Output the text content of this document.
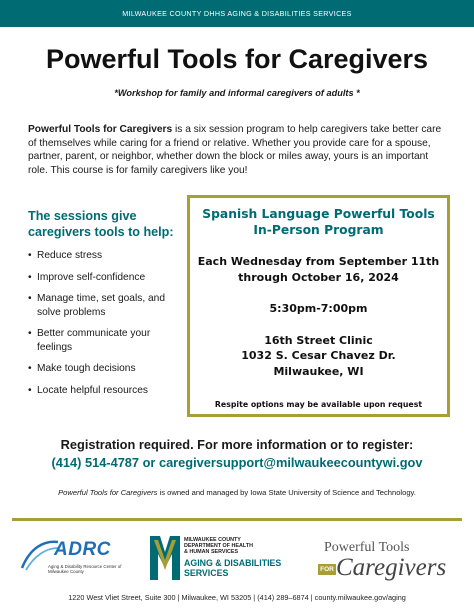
MILWAUKEE COUNTY DHHS AGING & DISABILITIES SERVICES
Powerful Tools for Caregivers
*Workshop for family and informal caregivers of adults *

Powerful Tools for Caregivers is a six session program to help caregivers take better care of themselves while caring for a friend or relative. Whether you provide care for a spouse, partner, parent, or neighbor, whether down the block or miles away, yours is an important role. This course is for family caregivers like you!

The sessions give caregivers tools to help:
• Reduce stress
• Improve self-confidence
• Manage time, set goals, and solve problems
• Better communicate your feelings
• Make tough decisions
• Locate helpful resources
Spanish Language Powerful Tools
In-Person Program
Each Wednesday from September 11th
through October 16, 2024
5:30pm-7:00pm
16th Street Clinic
1032 S. Cesar Chavez Dr.
Milwaukee, WI
Respite options may be available upon request
Registration required. For more information or to register:
(414) 514-4787 or caregiversupport@milwaukeecountywi.gov

Powerful Tools for Caregivers is owned and managed by Iowa State University of Science and Technology.

ADRC
Aging & Disability Resource Center of Milwaukee County
MILWAUKEE COUNTY
DEPARTMENT OF HEALTH
& HUMAN SERVICES
AGING & DISABILITIES
SERVICES
Powerful Tools
FOR Caregivers
1220 West Vliet Street, Suite 300 | Milwaukee, WI 53205 | (414) 289–6874 | county.milwaukee.gov/aging
